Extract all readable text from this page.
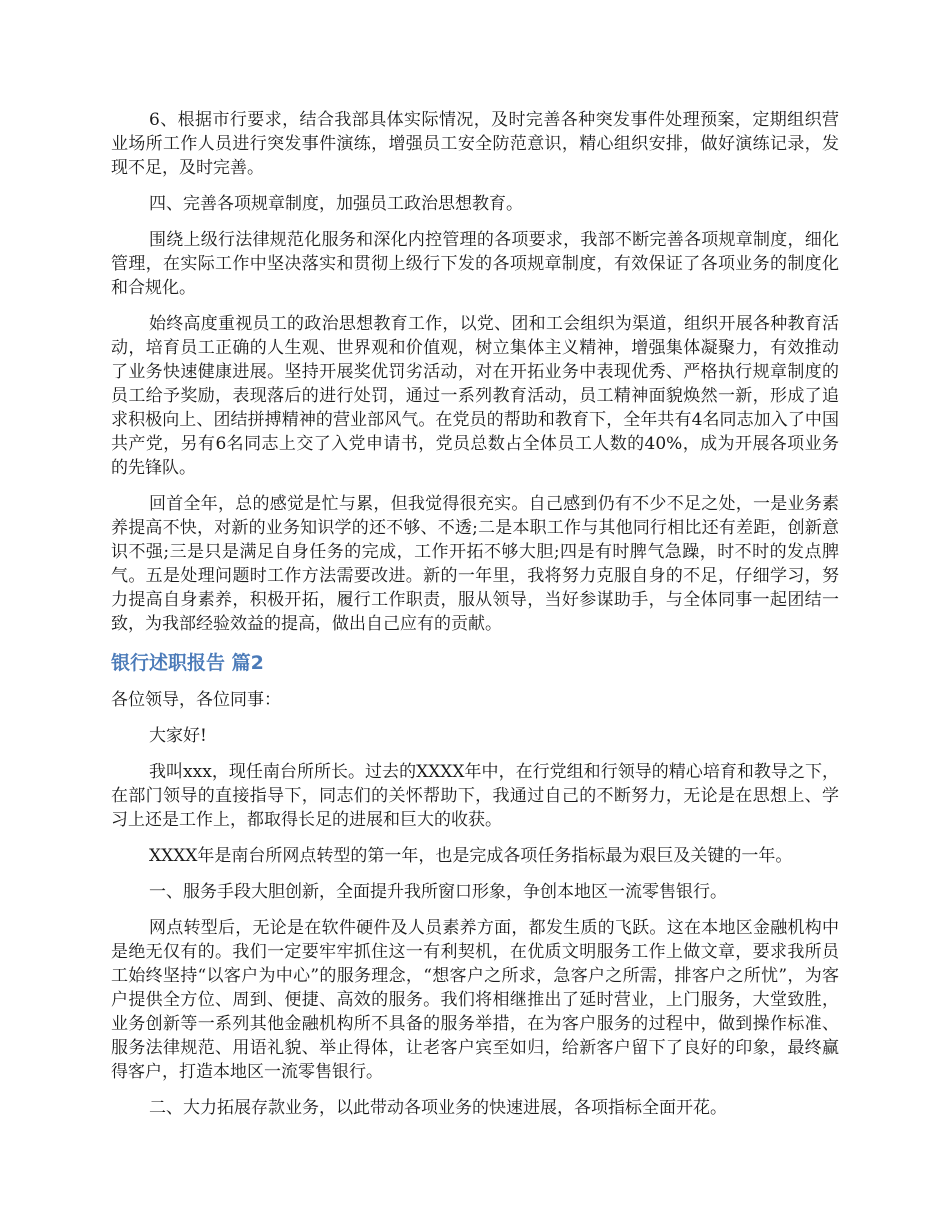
6、根据市行要求，结合我部具体实际情况，及时完善各种突发事件处理预案，定期组织营业场所工作人员进行突发事件演练，增强员工安全防范意识，精心组织安排，做好演练记录，发现不足，及时完善。

四、完善各项规章制度，加强员工政治思想教育。

围绕上级行法律规范化服务和深化内控管理的各项要求，我部不断完善各项规章制度，细化管理，在实际工作中坚决落实和贯彻上级行下发的各项规章制度，有效保证了各项业务的制度化和合规化。

始终高度重视员工的政治思想教育工作，以党、团和工会组织为渠道，组织开展各种教育活动，培育员工正确的人生观、世界观和价值观，树立集体主义精神，增强集体凝聚力，有效推动了业务快速健康进展。坚持开展奖优罚劣活动，对在开拓业务中表现优秀、严格执行规章制度的员工给予奖励，表现落后的进行处罚，通过一系列教育活动，员工精神面貌焕然一新，形成了追求积极向上、团结拼搏精神的营业部风气。在党员的帮助和教育下，全年共有4名同志加入了中国共产党，另有6名同志上交了入党申请书，党员总数占全体员工人数的40%，成为开展各项业务的先锋队。

回首全年，总的感觉是忙与累，但我觉得很充实。自己感到仍有不少不足之处，一是业务素养提高不快，对新的业务知识学的还不够、不透;二是本职工作与其他同行相比还有差距，创新意识不强;三是只是满足自身任务的完成，工作开拓不够大胆;四是有时脾气急躁，时不时的发点脾气。五是处理问题时工作方法需要改进。新的一年里，我将努力克服自身的不足，仔细学习，努力提高自身素养，积极开拓，履行工作职责，服从领导，当好参谋助手，与全体同事一起团结一致，为我部经验效益的提高，做出自己应有的贡献。

银行述职报告 篇2

各位领导，各位同事：

大家好!

我叫xxx，现任南台所所长。过去的XXXX年中，在行党组和行领导的精心培育和教导之下，在部门领导的直接指导下，同志们的关怀帮助下，我通过自己的不断努力，无论是在思想上、学习上还是工作上，都取得长足的进展和巨大的收获。

XXXX年是南台所网点转型的第一年，也是完成各项任务指标最为艰巨及关键的一年。

一、服务手段大胆创新，全面提升我所窗口形象，争创本地区一流零售银行。

网点转型后，无论是在软件硬件及人员素养方面，都发生质的飞跃。这在本地区金融机构中是绝无仅有的。我们一定要牢牢抓住这一有利契机，在优质文明服务工作上做文章，要求我所员工始终坚持“以客户为中心”的服务理念，“想客户之所求，急客户之所需，排客户之所忧”，为客户提供全方位、周到、便捷、高效的服务。我们将相继推出了延时营业，上门服务，大堂致胜，业务创新等一系列其他金融机构所不具备的服务举措，在为客户服务的过程中，做到操作标准、服务法律规范、用语礼貌、举止得体，让老客户宾至如归，给新客户留下了良好的印象，最终赢得客户，打造本地区一流零售银行。

二、大力拓展存款业务，以此带动各项业务的快速进展，各项指标全面开花。
